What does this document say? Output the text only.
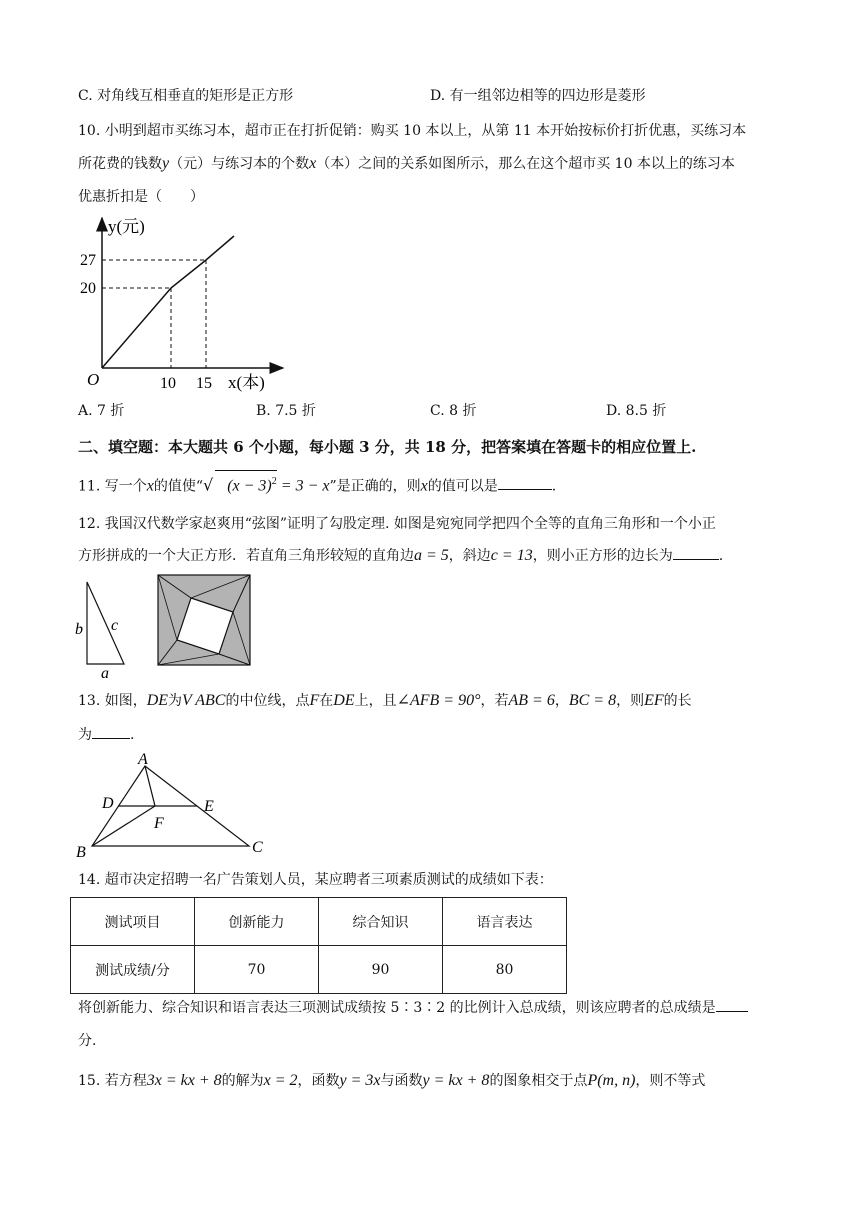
C. 对角线互相垂直的矩形是正方形	D. 有一组邻边相等的四边形是菱形
10. 小明到超市买练习本，超市正在打折促销：购买 10 本以上，从第 11 本开始按标价打折优惠，买练习本
所花费的钱数y（元）与练习本的个数x（本）之间的关系如图所示，那么在这个超市买 10 本以上的练习本
优惠折扣是（　　）
y(元)
27
20
O	10 15 x(本)
A. 7 折	B. 7.5 折	C. 8 折	D. 8.5 折
二、填空题：本大题共 6 个小题，每小题 3 分，共 18 分，把答案填在答题卡的相应位置上.
11. 写一个x的值使“√ $(x - 3)^2 = 3 - x$”是正确的，则x的值可以是	.
12. 我国汉代数学家赵爽用“弦图”证明了勾股定理. 如图是宛宛同学把四个全等的直角三角形和一个小正
方形拼成的一个大正方形．若直角三角形较短的直角边a = 5，斜边c = 13，则小正方形的边长为	.
b c
a
13. 如图，DE为V ABC的中位线，点F在DE上，且∠AFB = 90°，若AB = 6，BC = 8，则EF的长
为	.
A
D	E
F
B	C
14. 超市决定招聘一名广告策划人员，某应聘者三项素质测试的成绩如下表：
测试项目	创新能力	综合知识	语言表达
测试成绩/分	70	90	80
将创新能力、综合知识和语言表达三项测试成绩按 5∶3∶2 的比例计入总成绩，则该应聘者的总成绩是
分.
15. 若方程3x = kx + 8的解为x = 2，函数y = 3x与函数y = kx + 8的图象相交于点P(m, n)，则不等式
